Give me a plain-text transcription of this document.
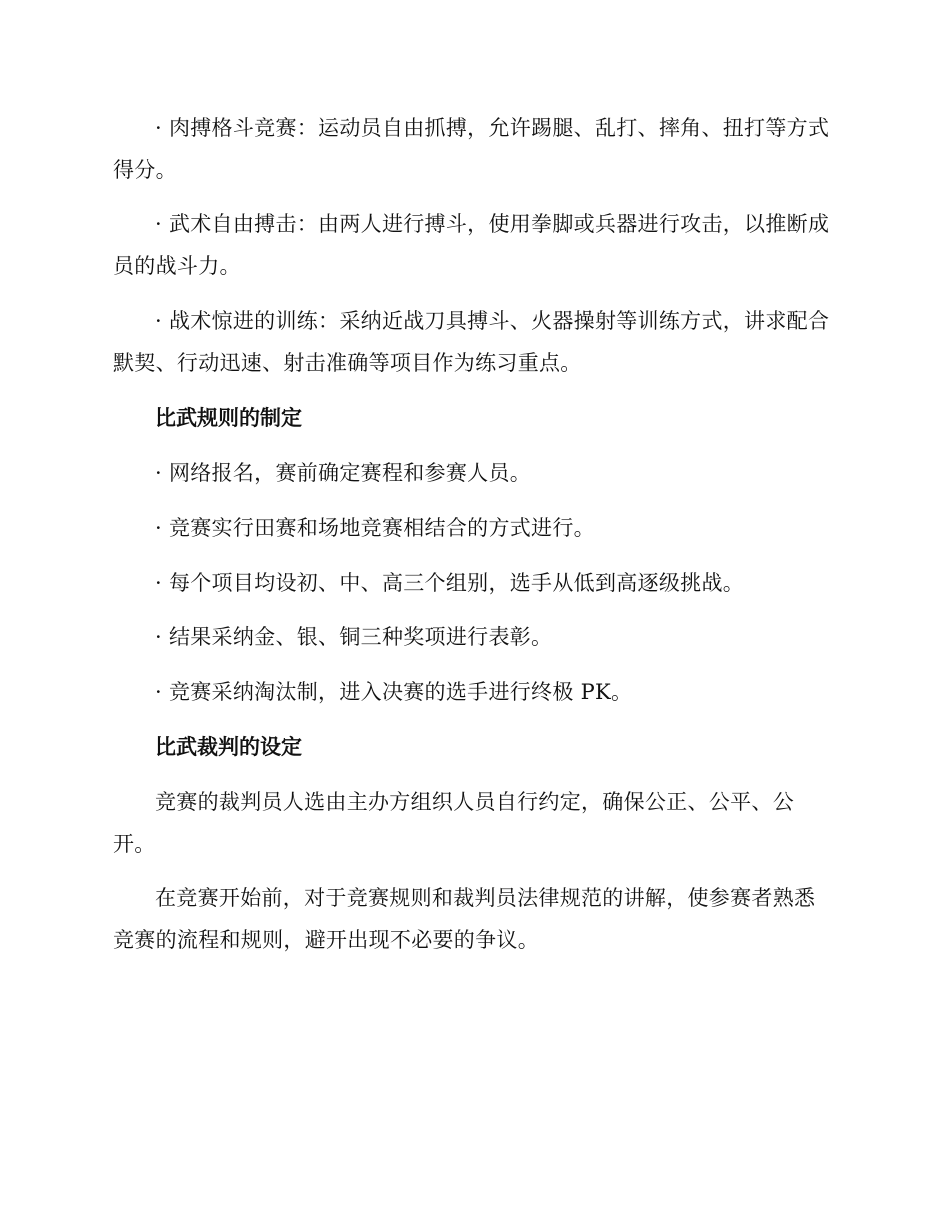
· 肉搏格斗竞赛：运动员自由抓搏，允许踢腿、乱打、摔角、扭打等方式得分。

· 武术自由搏击：由两人进行搏斗，使用拳脚或兵器进行攻击，以推断成员的战斗力。

· 战术惊进的训练：采纳近战刀具搏斗、火器操射等训练方式，讲求配合默契、行动迅速、射击准确等项目作为练习重点。

比武规则的制定

· 网络报名，赛前确定赛程和参赛人员。

· 竞赛实行田赛和场地竞赛相结合的方式进行。

· 每个项目均设初、中、高三个组别，选手从低到高逐级挑战。

· 结果采纳金、银、铜三种奖项进行表彰。

· 竞赛采纳淘汰制，进入决赛的选手进行终极 PK。

比武裁判的设定

竞赛的裁判员人选由主办方组织人员自行约定，确保公正、公平、公开。

在竞赛开始前，对于竞赛规则和裁判员法律规范的讲解，使参赛者熟悉竞赛的流程和规则，避开出现不必要的争议。
